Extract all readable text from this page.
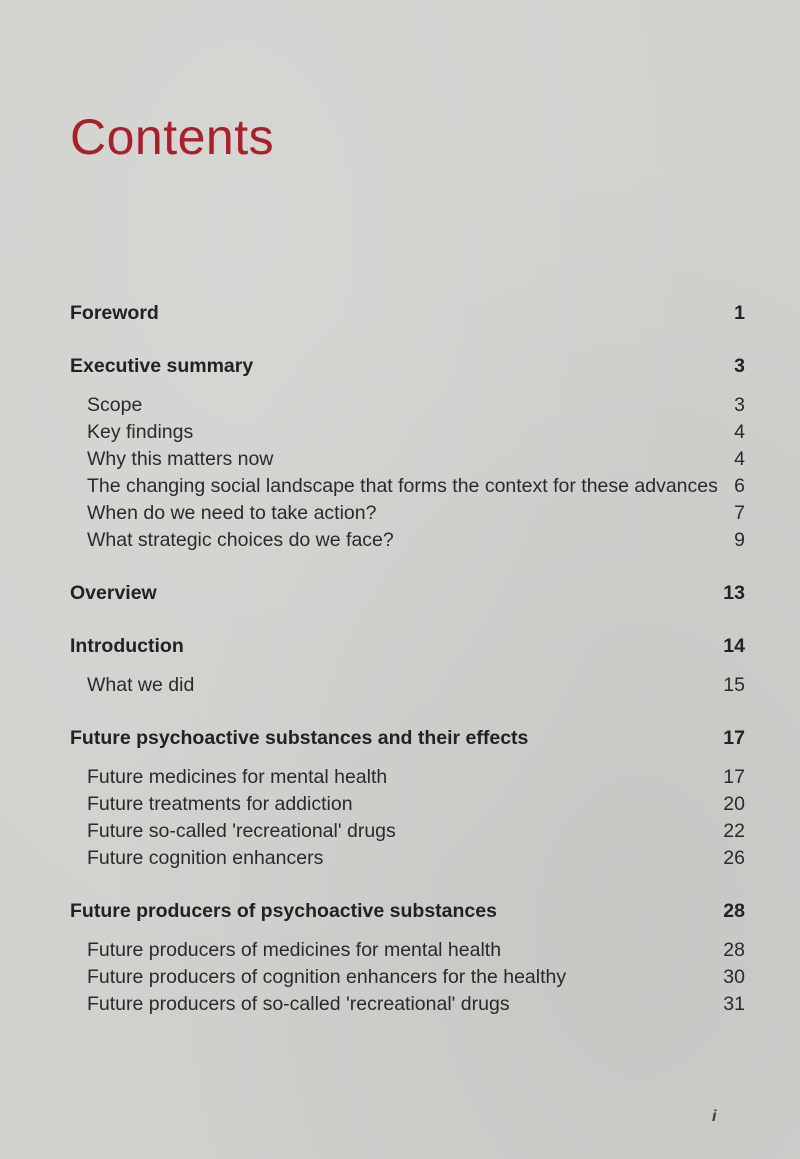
Contents
Foreword	1
Executive summary	3
Scope	3
Key findings	4
Why this matters now	4
The changing social landscape that forms the context for these advances 6
When do we need to take action?	7
What strategic choices do we face?	9
Overview	13
Introduction	14
What we did	15
Future psychoactive substances and their effects	17
Future medicines for mental health	17
Future treatments for addiction	20
Future so-called 'recreational' drugs	22
Future cognition enhancers	26
Future producers of psychoactive substances	28
Future producers of medicines for mental health	28
Future producers of cognition enhancers for the healthy	30
Future producers of so-called 'recreational' drugs	31
i
